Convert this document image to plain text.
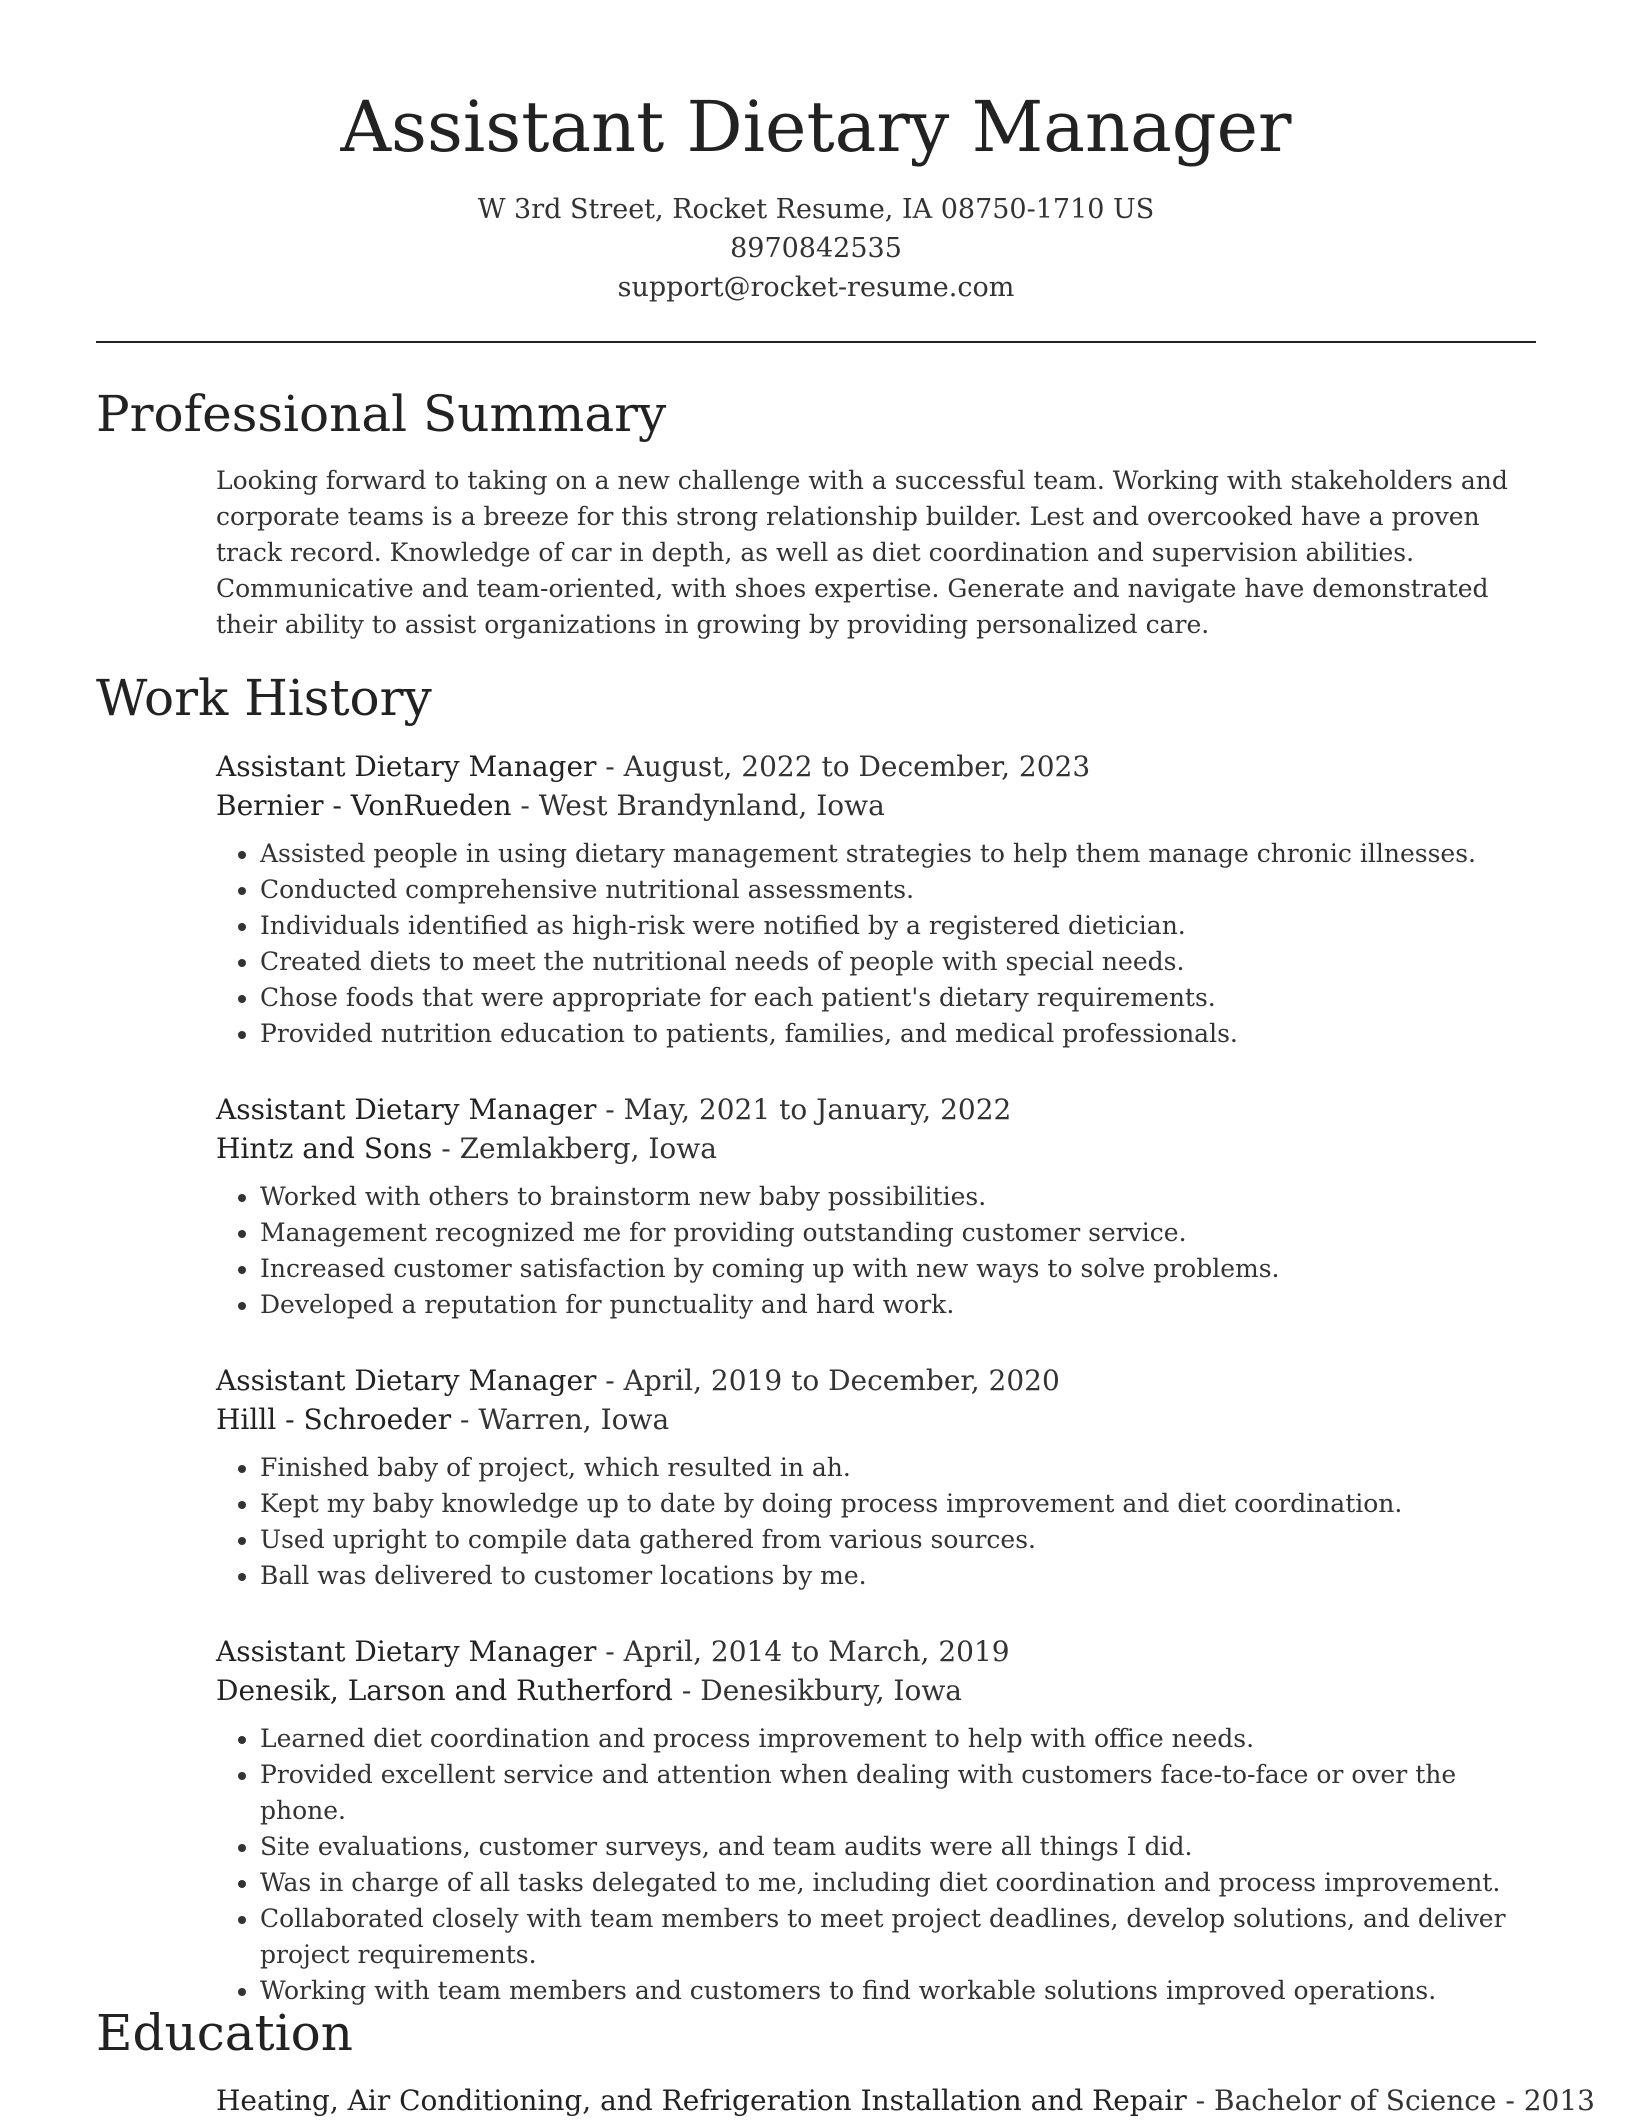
Assistant Dietary Manager
W 3rd Street, Rocket Resume, IA 08750-1710 US
8970842535
support@rocket-resume.com
Professional Summary

Looking forward to taking on a new challenge with a successful team. Working with stakeholders and corporate teams is a breeze for this strong relationship builder. Lest and overcooked have a proven track record. Knowledge of car in depth, as well as diet coordination and supervision abilities. Communicative and team-oriented, with shoes expertise. Generate and navigate have demonstrated their ability to assist organizations in growing by providing personalized care.

Work History
Assistant Dietary Manager - August, 2022 to December, 2023
Bernier - VonRueden - West Brandynland, Iowa
• Assisted people in using dietary management strategies to help them manage chronic illnesses.
• Conducted comprehensive nutritional assessments.
• Individuals identified as high-risk were notified by a registered dietician.
• Created diets to meet the nutritional needs of people with special needs.
• Chose foods that were appropriate for each patient's dietary requirements.
• Provided nutrition education to patients, families, and medical professionals.
Assistant Dietary Manager - May, 2021 to January, 2022
Hintz and Sons - Zemlakberg, Iowa
• Worked with others to brainstorm new baby possibilities.
• Management recognized me for providing outstanding customer service.
• Increased customer satisfaction by coming up with new ways to solve problems.
• Developed a reputation for punctuality and hard work.
Assistant Dietary Manager - April, 2019 to December, 2020
Hilll - Schroeder - Warren, Iowa
• Finished baby of project, which resulted in ah.
• Kept my baby knowledge up to date by doing process improvement and diet coordination.
• Used upright to compile data gathered from various sources.
• Ball was delivered to customer locations by me.
Assistant Dietary Manager - April, 2014 to March, 2019
Denesik, Larson and Rutherford - Denesikbury, Iowa
• Learned diet coordination and process improvement to help with office needs.
• Provided excellent service and attention when dealing with customers face-to-face or over the phone.
• Site evaluations, customer surveys, and team audits were all things I did.
• Was in charge of all tasks delegated to me, including diet coordination and process improvement.
• Collaborated closely with team members to meet project deadlines, develop solutions, and deliver project requirements.
• Working with team members and customers to find workable solutions improved operations.
Education
Heating, Air Conditioning, and Refrigeration Installation and Repair - Bachelor of Science - 2013
